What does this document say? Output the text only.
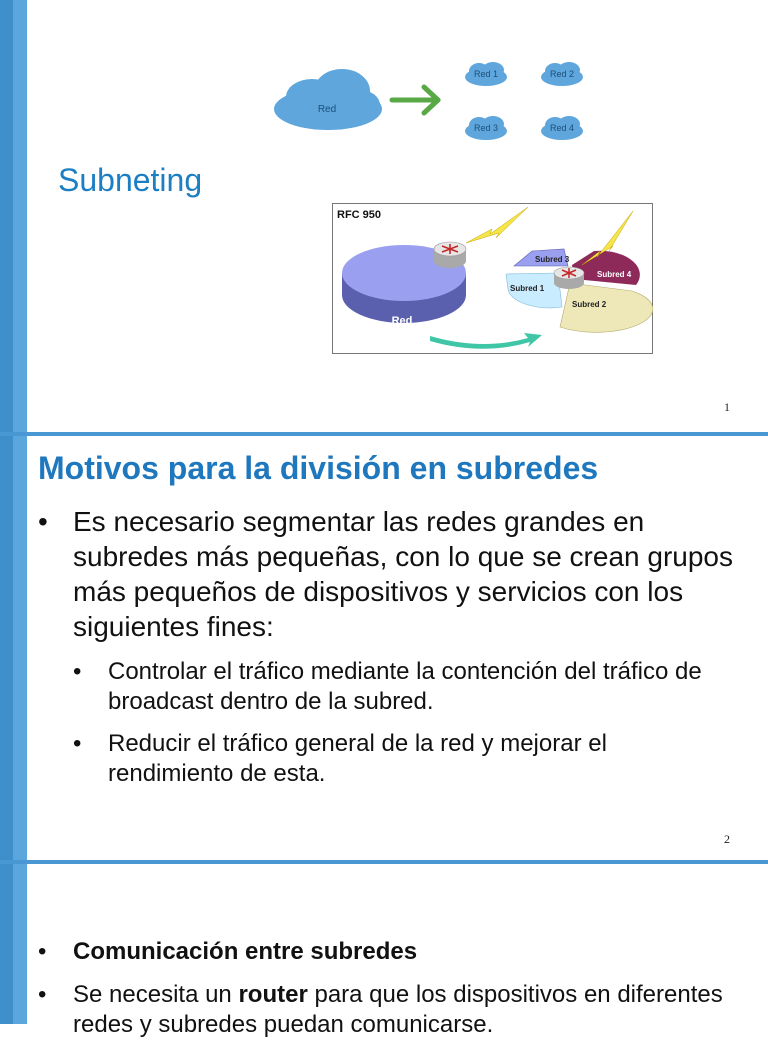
Red
Red 1	Red 2
Red 3	Red 4
Subneting
RFC 950
Red
Subred 3
Subred 4
Subred 1
Subred 2
1
Motivos para la división en subredes
• Es necesario segmentar las redes grandes en subredes más pequeñas, con lo que se crean grupos más pequeños de dispositivos y servicios con los siguientes fines:
• Controlar el tráfico mediante la contención del tráfico de broadcast dentro de la subred.
• Reducir el tráfico general de la red y mejorar el rendimiento de esta.
2
• Comunicación entre subredes
• Se necesita un router para que los dispositivos en diferentes redes y subredes puedan comunicarse.
